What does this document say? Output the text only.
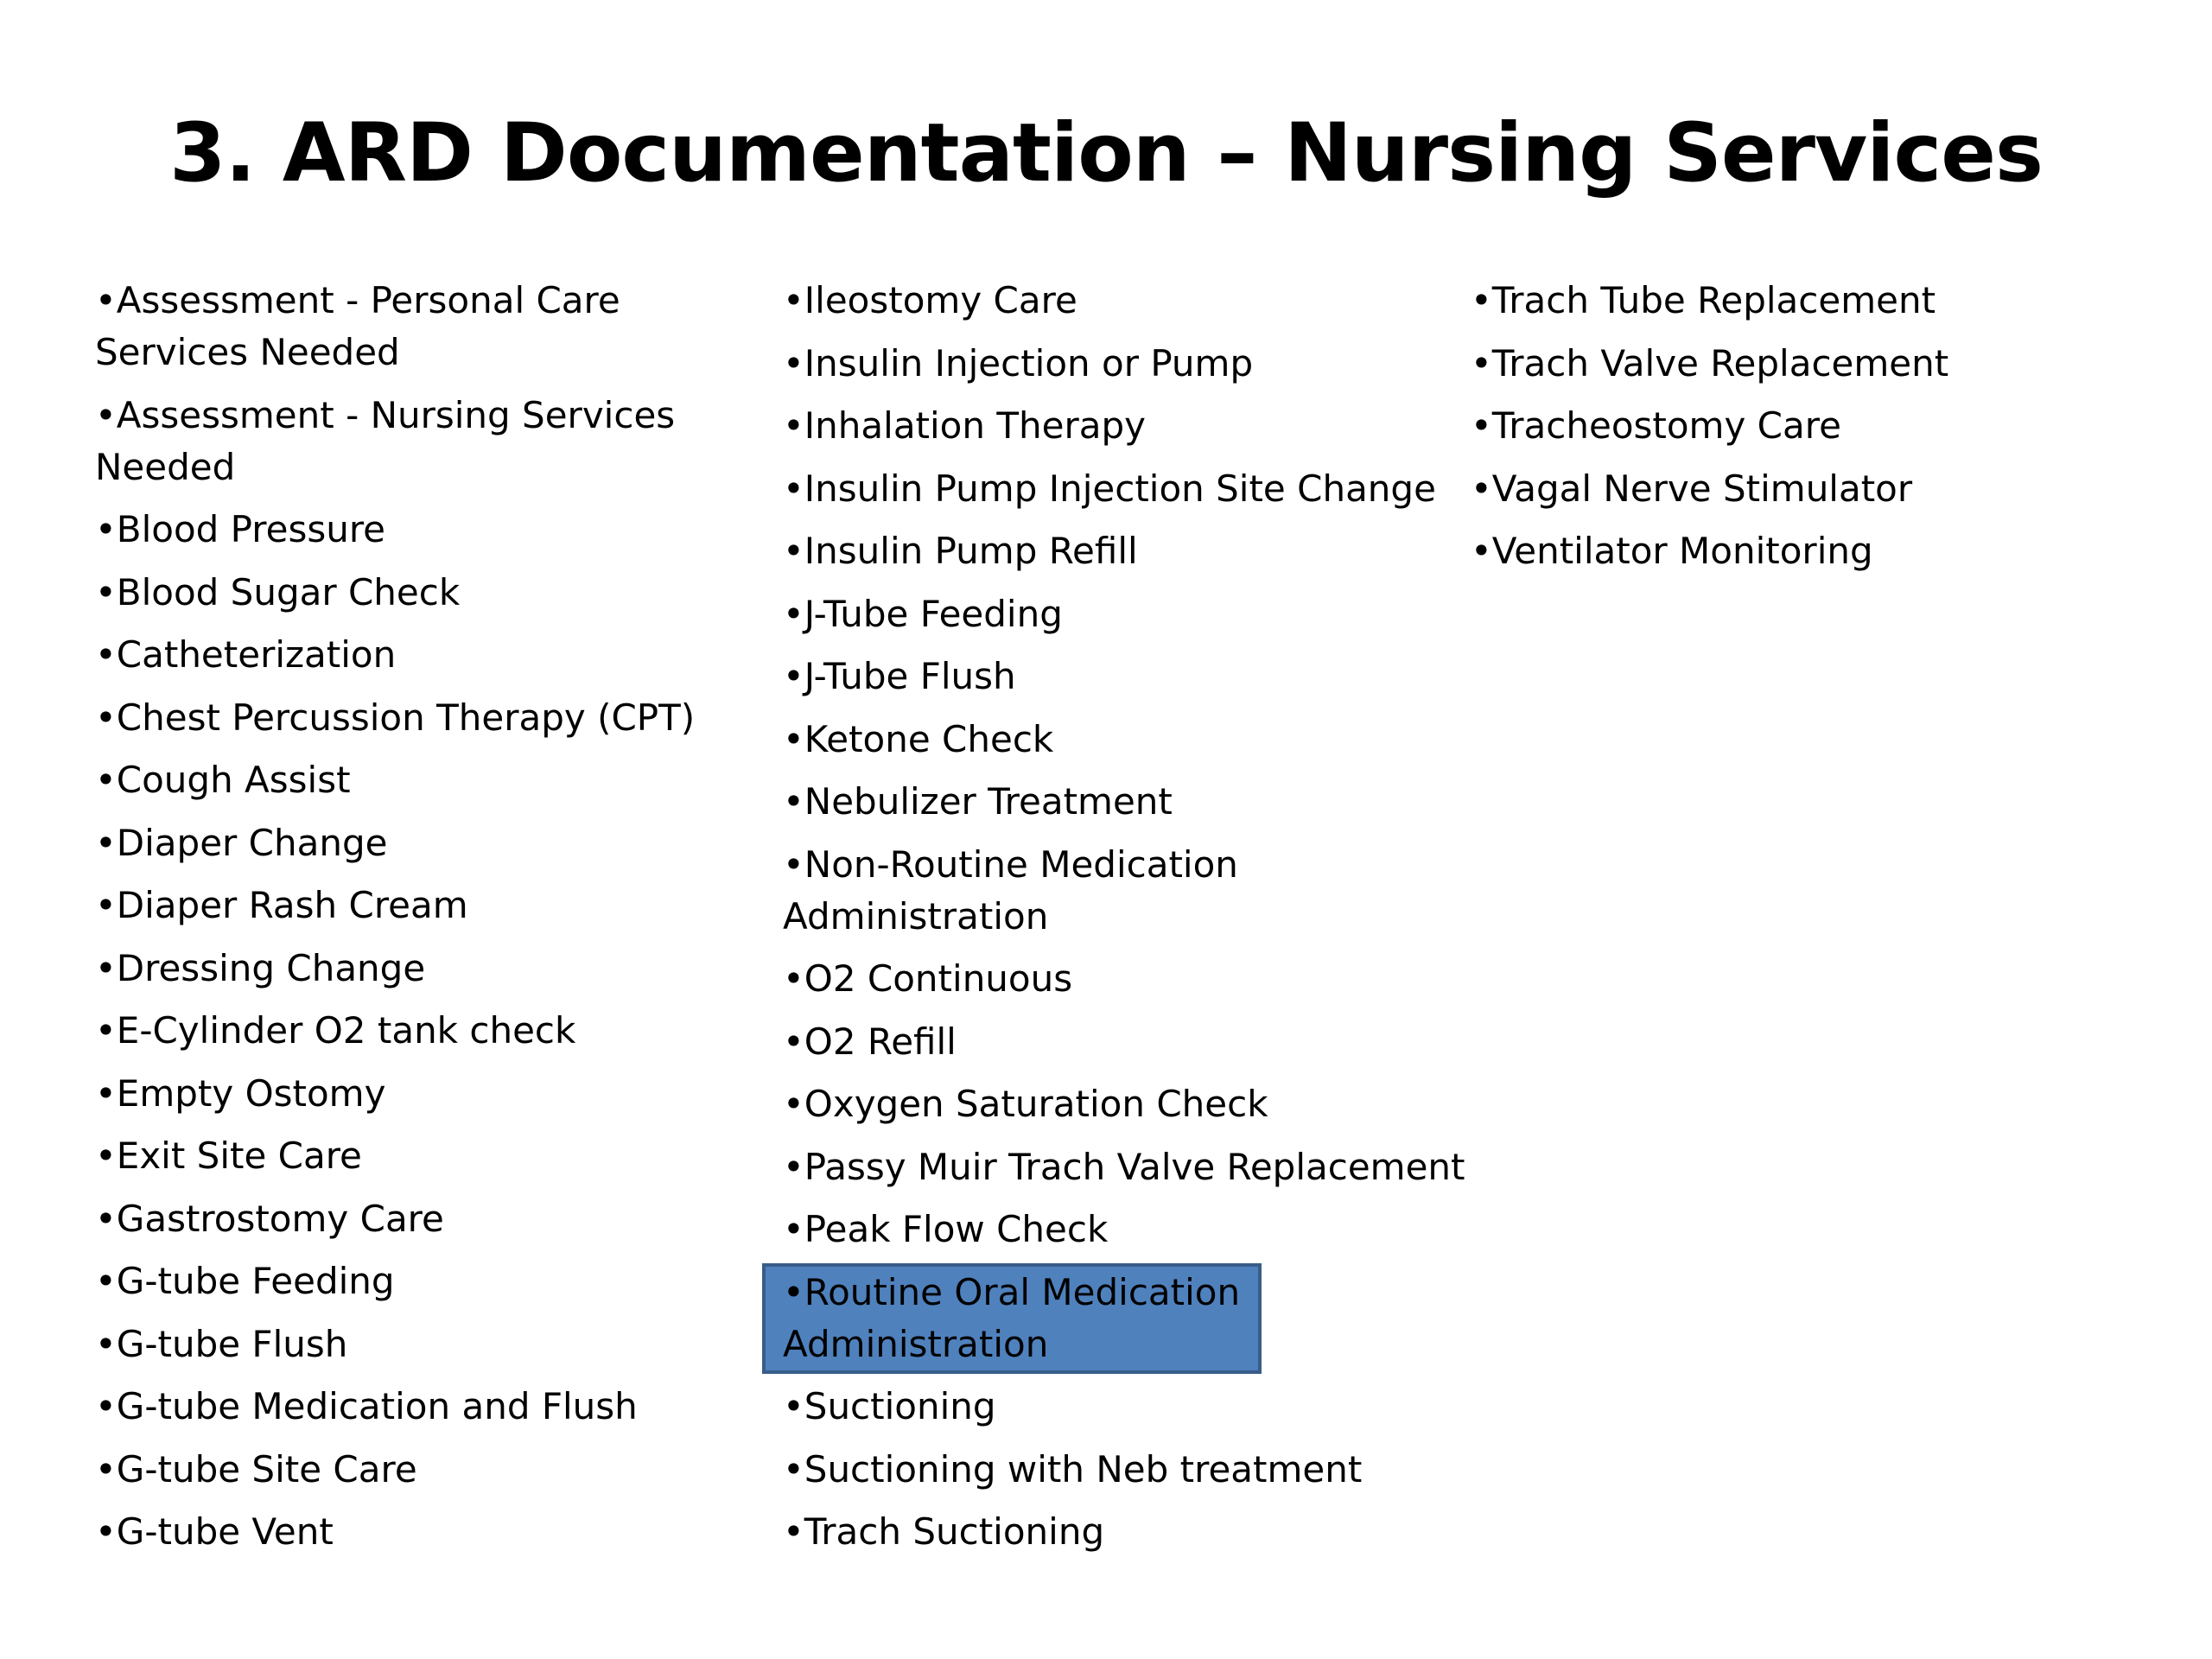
3. ARD Documentation – Nursing Services
•Assessment - Personal Care Services Needed
•Assessment - Nursing Services Needed
•Blood Pressure
•Blood Sugar Check
•Catheterization
•Chest Percussion Therapy (CPT)
•Cough Assist
•Diaper Change
•Diaper Rash Cream
•Dressing Change
•E-Cylinder O2 tank check
•Empty Ostomy
•Exit Site Care
•Gastrostomy Care
•G-tube Feeding
•G-tube Flush
•G-tube Medication and Flush
•G-tube Site Care
•G-tube Vent
•Ileostomy Care
•Insulin Injection or Pump
•Inhalation Therapy
•Insulin Pump Injection Site Change
•Insulin Pump Refill
•J-Tube Feeding
•J-Tube Flush
•Ketone Check
•Nebulizer Treatment
•Non-Routine Medication Administration
•O2 Continuous
•O2 Refill
•Oxygen Saturation Check
•Passy Muir Trach Valve Replacement
•Peak Flow Check
•Routine Oral Medication Administration
•Suctioning
•Suctioning with Neb treatment
•Trach Suctioning
•Trach Tube Replacement
•Trach Valve Replacement
•Tracheostomy Care
•Vagal Nerve Stimulator
•Ventilator Monitoring
